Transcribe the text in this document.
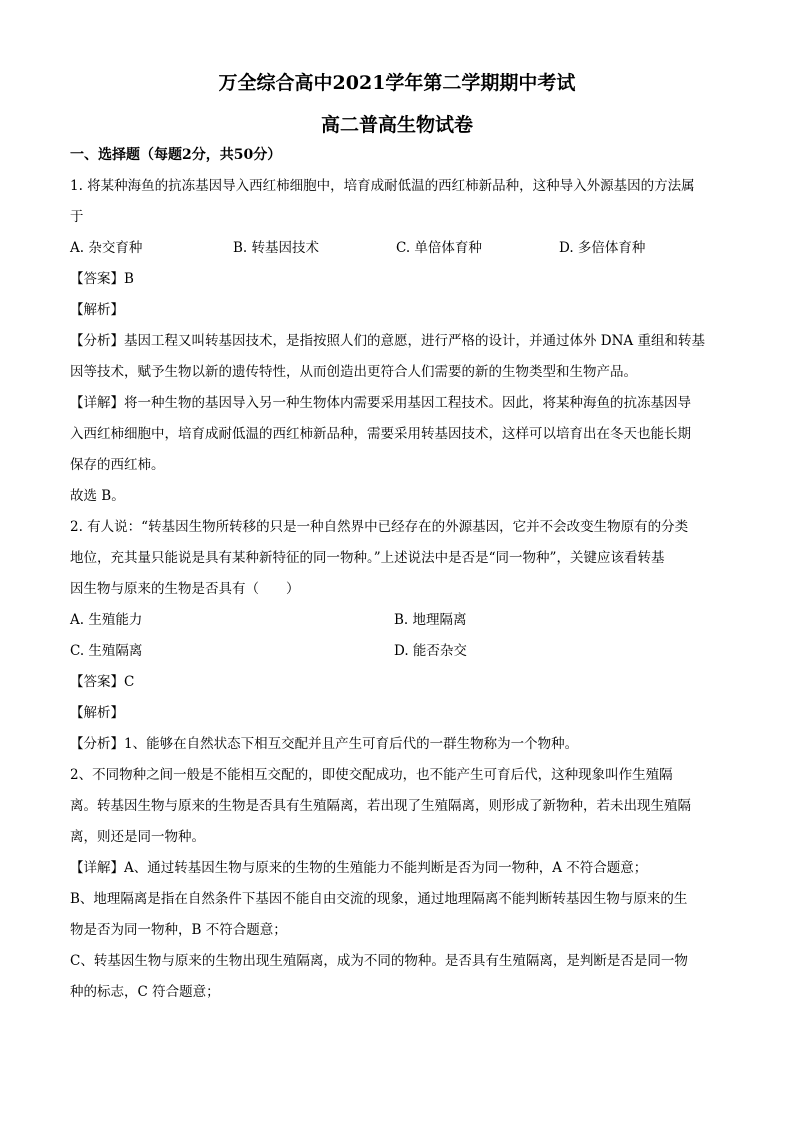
万全综合高中2021学年第二学期期中考试
高二普高生物试卷
一、选择题（每题2分，共50分）
1. 将某种海鱼的抗冻基因导入西红柿细胞中，培育成耐低温的西红柿新品种，这种导入外源基因的方法属
于
A. 杂交育种	B. 转基因技术	C. 单倍体育种	D. 多倍体育种
【答案】B
【解析】
【分析】基因工程又叫转基因技术，是指按照人们的意愿，进行严格的设计，并通过体外 DNA 重组和转基
因等技术，赋予生物以新的遗传特性，从而创造出更符合人们需要的新的生物类型和生物产品。
【详解】将一种生物的基因导入另一种生物体内需要采用基因工程技术。因此，将某种海鱼的抗冻基因导
入西红柿细胞中，培育成耐低温的西红柿新品种，需要采用转基因技术，这样可以培育出在冬天也能长期
保存的西红柿。
故选 B。
2. 有人说：“转基因生物所转移的只是一种自然界中已经存在的外源基因，它并不会改变生物原有的分类
地位，充其量只能说是具有某种新特征的同一物种。”上述说法中是否是“同一物种”，关键应该看转基
因生物与原来的生物是否具有（　　）
A. 生殖能力	B. 地理隔离
C. 生殖隔离	D. 能否杂交
【答案】C
【解析】
【分析】1、能够在自然状态下相互交配并且产生可育后代的一群生物称为一个物种。
2、不同物种之间一般是不能相互交配的，即使交配成功，也不能产生可育后代，这种现象叫作生殖隔
离。转基因生物与原来的生物是否具有生殖隔离，若出现了生殖隔离，则形成了新物种，若未出现生殖隔
离，则还是同一物种。
【详解】A、通过转基因生物与原来的生物的生殖能力不能判断是否为同一物种，A 不符合题意；
B、地理隔离是指在自然条件下基因不能自由交流的现象，通过地理隔离不能判断转基因生物与原来的生
物是否为同一物种，B 不符合题意；
C、转基因生物与原来的生物出现生殖隔离，成为不同的物种。是否具有生殖隔离，是判断是否是同一物
种的标志，C 符合题意；
